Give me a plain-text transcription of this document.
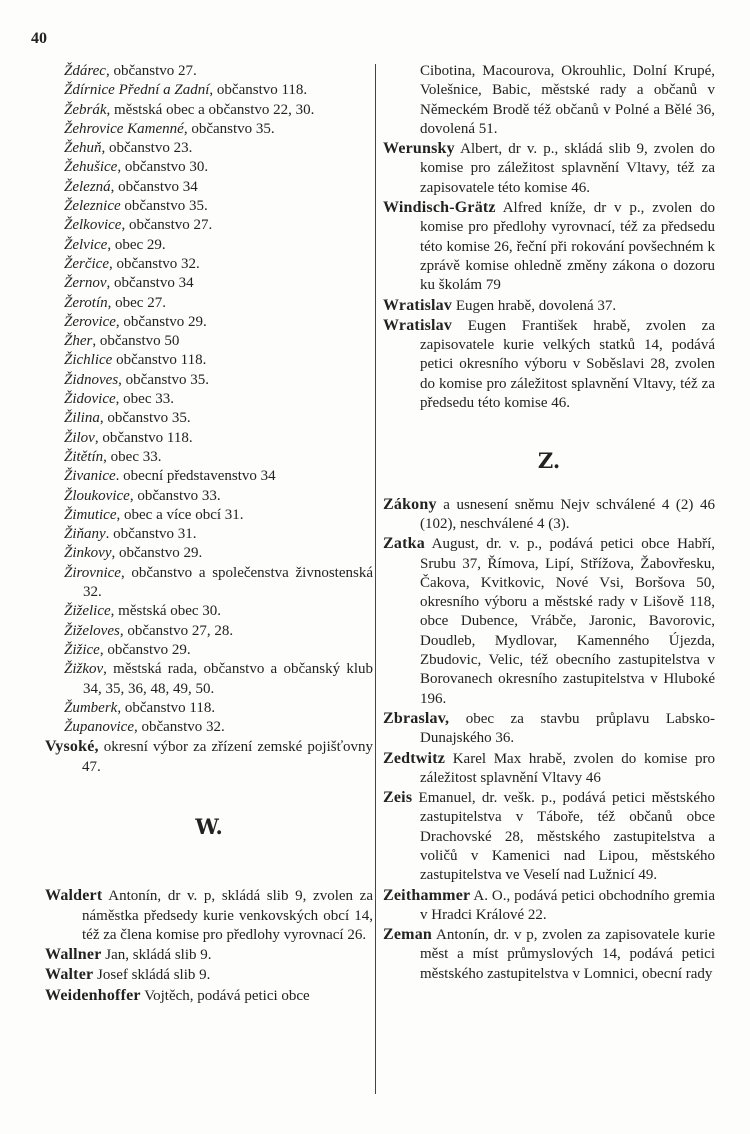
40

Ždárec, občanstvo 27.

Ždírnice Přední a Zadní, občanstvo 118.

Žebrák, městská obec a občanstvo 22, 30.

Žehrovice Kamenné, občanstvo 35.

Žehuň, občanstvo 23.

Žehušice, občanstvo 30.

Železná, občanstvo 34

Železnice občanstvo 35.

Želkovice, občanstvo 27.

Želvice, obec 29.

Žerčice, občanstvo 32.

Žernov, občanstvo 34

Žerotín, obec 27.

Žerovice, občanstvo 29.

Žher, občanstvo 50

Žichlice občanstvo 118.

Židnoves, občanstvo 35.

Židovice, obec 33.

Žilina, občanstvo 35.

Žilov, občanstvo 118.

Žitětín, obec 33.

Živanice. obecní představenstvo 34

Žloukovice, občanstvo 33.

Žimutice, obec a více obcí 31.

Žiňany. občanstvo 31.

Žinkovy, občanstvo 29.

Žirovnice, občanstvo a společenstva živnostenská 32.

Žiželice, městská obec 30.

Žiželoves, občanstvo 27, 28.

Žižice, občanstvo 29.

Žižkov, městská rada, občanstvo a občanský klub 34, 35, 36, 48, 49, 50.

Žumberk, občanstvo 118.

Županovice, občanstvo 32.

Vysoké, okresní výbor za zřízení zemské pojišťovny 47.

W.

Waldert Antonín, dr v. p, skládá slib 9, zvolen za náměstka předsedy kurie venkovských obcí 14, též za člena komise pro předlohy vyrovnací 26.

Wallner Jan, skládá slib 9.

Walter Josef skládá slib 9.

Weidenhoffer Vojtěch, podává petici obce

Cibotina, Macourova, Okrouhlic, Dolní Krupé, Volešnice, Babic, městské rady a občanů v Německém Brodě též občanů v Polné a Bělé 36, dovolená 51.

Werunsky Albert, dr v. p., skládá slib 9, zvolen do komise pro záležitost splavnění Vltavy, též za zapisovatele této komise 46.

Windisch-Grätz Alfred kníže, dr v p., zvolen do komise pro předlohy vyrovnací, též za předsedu této komise 26, řeční při rokování povšechném k zprávě komise ohledně změny zákona o dozoru ku školám 79

Wratislav Eugen hrabě, dovolená 37.

Wratislav Eugen František hrabě, zvolen za zapisovatele kurie velkých statků 14, podává petici okresního výboru v Soběslavi 28, zvolen do komise pro záležitost splavnění Vltavy, též za předsedu této komise 46.

Z.

Zákony a usnesení sněmu Nejv schválené 4 (2) 46 (102), neschválené 4 (3).

Zatka August, dr. v. p., podává petici obce Habří, Srubu 37, Římova, Lipí, Střížova, Žabovřesku, Čakova, Kvitkovic, Nové Vsi, Boršova 50, okresního výboru a městské rady v Lišově 118, obce Dubence, Vrábče, Jaronic, Bavorovic, Doudleb, Mydlovar, Kamenného Újezda, Zbudovic, Velic, též obecního zastupitelstva v Borovanech okresního zastupitelstva v Hluboké 196.

Zbraslav, obec za stavbu průplavu Labsko-Dunajského 36.

Zedtwitz Karel Max hrabě, zvolen do komise pro záležitost splavnění Vltavy 46

Zeis Emanuel, dr. vešk. p., podává petici městského zastupitelstva v Táboře, též občanů obce Drachovské 28, městského zastupitelstva a voličů v Kamenici nad Lipou, městského zastupitelstva ve Veselí nad Lužnicí 49.

Zeithammer A. O., podává petici obchodního gremia v Hradci Králové 22.

Zeman Antonín, dr. v p, zvolen za zapisovatele kurie měst a míst průmyslových 14, podává petici městského zastupitelstva v Lomnici, obecní rady
